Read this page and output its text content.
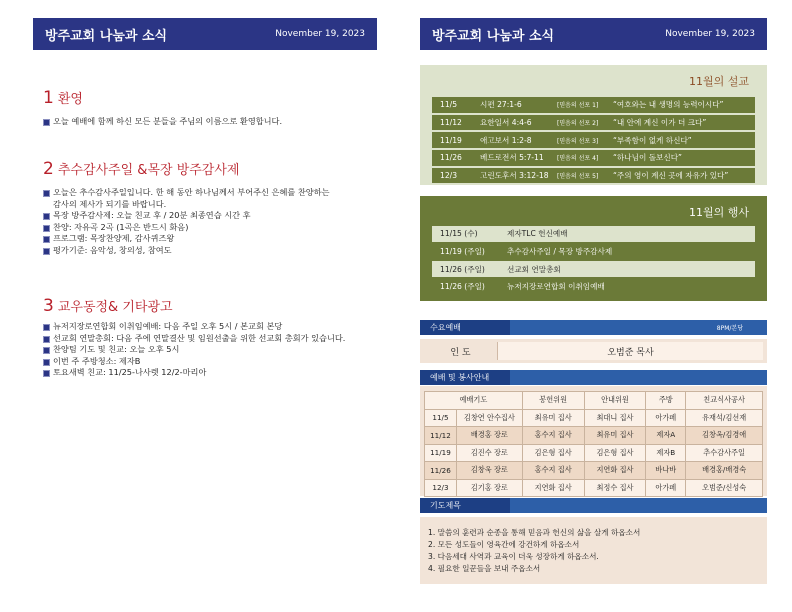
방주교회 나눔과 소식	November 19, 2023
1 환영
오늘 예배에 함께 하신 모든 분들을 주님의 이름으로 환영합니다.
2 추수감사주일 &목장 방주감사제
오늘은 추수감사주일입니다. 한 해 동안 하나님께서 부어주신 은혜를 찬양하는
감사의 제사가 되기를 바랍니다.
목장 방주감사제: 오늘 친교 후 / 20분 최종연습 시간 후
찬양: 자유곡 2곡 (1곡은 반드시 화음)
프로그램: 목장찬양제, 감사퀴즈왕
평가기준: 음악성, 창의성, 참여도
3 교우동정& 기타광고
뉴저지장로연합회 이취임예배: 다음 주일 오후 5시 / 본교회 본당
선교회 연말총회: 다음 주에 연말결산 및 임원선출을 위한 선교회 총회가 있습니다.
찬양팀 기도 및 친교: 오늘 오후 5시
이번 주 주방청소: 제자B
토요새벽 친교: 11/25-나사렛 12/2-마리아
방주교회 나눔과 소식	November 19, 2023
11월의 설교
11/5	시편 27:1-6	[믿음의 선포 1]	“여호와는 내 생명의 능력이시다”
11/12	요한일서 4:4-6	[믿음의 선포 2]	“내 안에 계신 이가 더 크다”
11/19	애고보서 1:2-8	[믿음의 선포 3]	“부족함이 없게 하신다”
11/26	베드로전서 5:7-11	[믿음의 선포 4]	“하나님이 돌보신다”
12/3	고린도후서 3:12-18	[믿음의 선포 5]	“주의 영이 계신 곳에 자유가 있다”
11월의 행사
11/15 (수)	제자TLC 헌신예배
11/19 (주일)	추수감사주일 / 목장 방주감사제
11/26 (주일)	선교회 연말총회
11/26 (주일)	뉴저지장로연합회 이취임예배
수요예배	8PM/본당
인 도	오범준 목사
예배 및 봉사안내
예배기도		봉헌위원	안내위원	주방	친교식사공사
11/5	김창연 안수집사	최유미 집사	최대니 집사	아가페	유재석/김선재
11/12	배경홍 장로	홍수지 집사	최유미 집사	제자A	김창옥/김경애
11/19	김진수 장로	김은형 집사	김은형 집사	제자B	추수감사주일
11/26	김창욱 장로	홍수지 집사	지연화 집사	바나바	배경홍/배경숙
12/3	김기홍 장로	지연화 집사	최정수 집사	아가페	오범준/신성숙
기도제목
1. 말씀의 훈련과 순종을 통해 믿음과 헌신의 삶을 살게 하옵소서
2. 모든 성도들이 영육간에 강건하게 하옵소서
3. 다음세대 사역과 교육이 더욱 성장하게 하옵소서.
4. 필요한 일꾼들을 보내 주옵소서
